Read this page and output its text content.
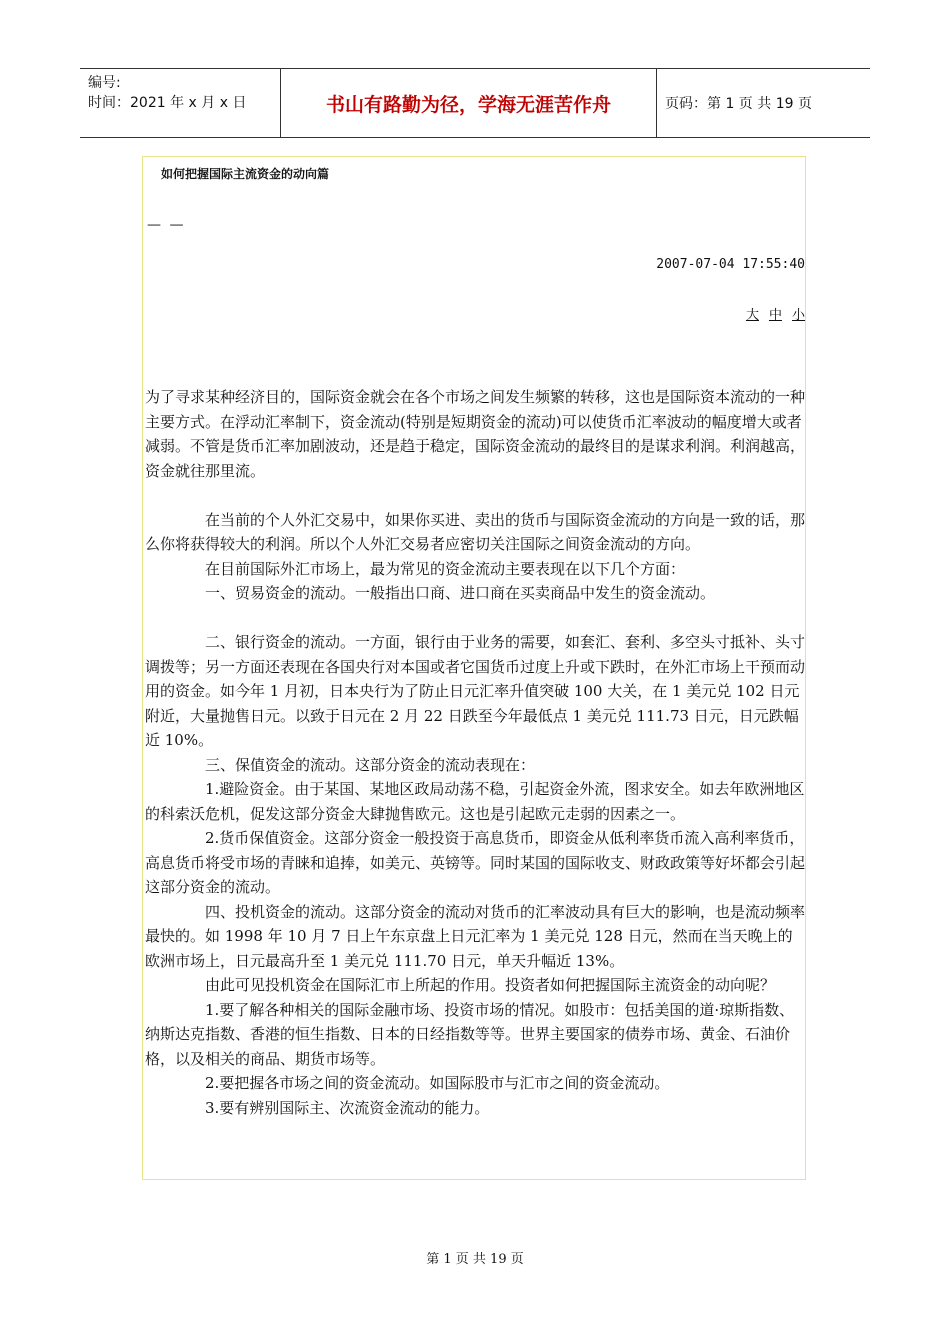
编号:
时间：2021 年 x 月 x 日	书山有路勤为径，学海无涯苦作舟	页码：第 1 页 共 19 页
如何把握国际主流资金的动向篇
— —
2007-07-04 17:55:40
大 中 小

为了寻求某种经济目的，国际资金就会在各个市场之间发生频繁的转移，这也是国际资本流动的一种主要方式。在浮动汇率制下，资金流动(特别是短期资金的流动)可以使货币汇率波动的幅度增大或者减弱。不管是货币汇率加剧波动，还是趋于稳定，国际资金流动的最终目的是谋求利润。利润越高，资金就往那里流。

在当前的个人外汇交易中，如果你买进、卖出的货币与国际资金流动的方向是一致的话，那么你将获得较大的利润。所以个人外汇交易者应密切关注国际之间资金流动的方向。

在目前国际外汇市场上，最为常见的资金流动主要表现在以下几个方面：

一、贸易资金的流动。一般指出口商、进口商在买卖商品中发生的资金流动。

二、银行资金的流动。一方面，银行由于业务的需要，如套汇、套利、多空头寸抵补、头寸调拨等；另一方面还表现在各国央行对本国或者它国货币过度上升或下跌时，在外汇市场上干预而动用的资金。如今年 1 月初，日本央行为了防止日元汇率升值突破 100 大关，在 1 美元兑 102 日元附近，大量抛售日元。以致于日元在 2 月 22 日跌至今年最低点 1 美元兑 111.73 日元，日元跌幅近 10%。

三、保值资金的流动。这部分资金的流动表现在：

1.避险资金。由于某国、某地区政局动荡不稳，引起资金外流，图求安全。如去年欧洲地区的科索沃危机，促发这部分资金大肆抛售欧元。这也是引起欧元走弱的因素之一。

2.货币保值资金。这部分资金一般投资于高息货币，即资金从低利率货币流入高利率货币，高息货币将受市场的青睐和追捧，如美元、英镑等。同时某国的国际收支、财政政策等好坏都会引起这部分资金的流动。

四、投机资金的流动。这部分资金的流动对货币的汇率波动具有巨大的影响，也是流动频率最快的。如 1998 年 10 月 7 日上午东京盘上日元汇率为 1 美元兑 128 日元，然而在当天晚上的欧洲市场上，日元最高升至 1 美元兑 111.70 日元，单天升幅近 13%。

由此可见投机资金在国际汇市上所起的作用。投资者如何把握国际主流资金的动向呢？

1.要了解各种相关的国际金融市场、投资市场的情况。如股市：包括美国的道·琼斯指数、纳斯达克指数、香港的恒生指数、日本的日经指数等等。世界主要国家的债券市场、黄金、石油价格，以及相关的商品、期货市场等。

2.要把握各市场之间的资金流动。如国际股市与汇市之间的资金流动。

3.要有辨别国际主、次流资金流动的能力。

第 1 页 共 19 页
